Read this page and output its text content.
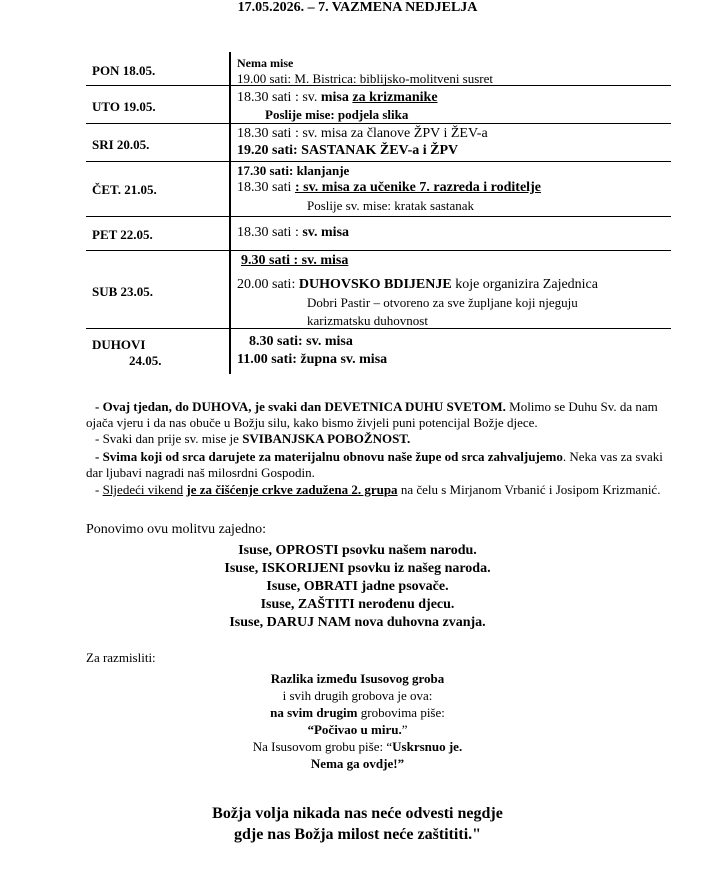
17.05.2026. – 7. VAZMENA NEDJELJA
PON 18.05.	Nema mise
19.00 sati: M. Bistrica: biblijsko-molitveni susret
UTO 19.05.
18.30 sati : sv. misa za krizmanike
Poslije mise: podjela slika
SRI 20.05.
18.30 sati : sv. misa za članove ŽPV i ŽEV-a
19.20 sati: SASTANAK ŽEV-a i ŽPV
ČET. 21.05.
17.30 sati: klanjanje
18.30 sati : sv. misa za učenike 7. razreda i roditelje
Poslije sv. mise: kratak sastanak
PET 22.05.	18.30 sati : sv. misa
SUB 23.05.
9.30 sati : sv. misa
20.00 sati: DUHOVSKO BDIJENJE koje organizira Zajednica
Dobri Pastir – otvoreno za sve župljane koji njeguju
karizmatsku duhovnost
DUHOVI
24.05.
8.30 sati: sv. misa
11.00 sati: župna sv. misa
- Ovaj tjedan, do DUHOVA, je svaki dan DEVETNICA DUHU SVETOM. Molimo se Duhu Sv. da nam ojača vjeru i da nas obuče u Božju silu, kako bismo živjeli puni potencijal Božje djece.
- Svaki dan prije sv. mise je SVIBANJSKA POBOŽNOST.
- Svima koji od srca darujete za materijalnu obnovu naše župe od srca zahvaljujemo. Neka vas za svaki dar ljubavi nagradi naš milosrdni Gospodin.
- Sljedeći vikend je za čišćenje crkve zadužena 2. grupa na čelu s Mirjanom Vrbanić i Josipom Krizmanić.
Ponovimo ovu molitvu zajedno:
Isuse, OPROSTI psovku našem narodu.
Isuse, ISKORIJENI psovku iz našeg naroda.
Isuse, OBRATI jadne psovače.
Isuse, ZAŠTITI nerođenu djecu.
Isuse, DARUJ NAM nova duhovna zvanja.
Za razmisliti:
Razlika između Isusovog groba
i svih drugih grobova je ova:
na svim drugim grobovima piše:
“Počivao u miru.”
Na Isusovom grobu piše: “Uskrsnuo je.
Nema ga ovdje!”
Božja volja nikada nas neće odvesti negdje
gdje nas Božja milost neće zaštititi."
